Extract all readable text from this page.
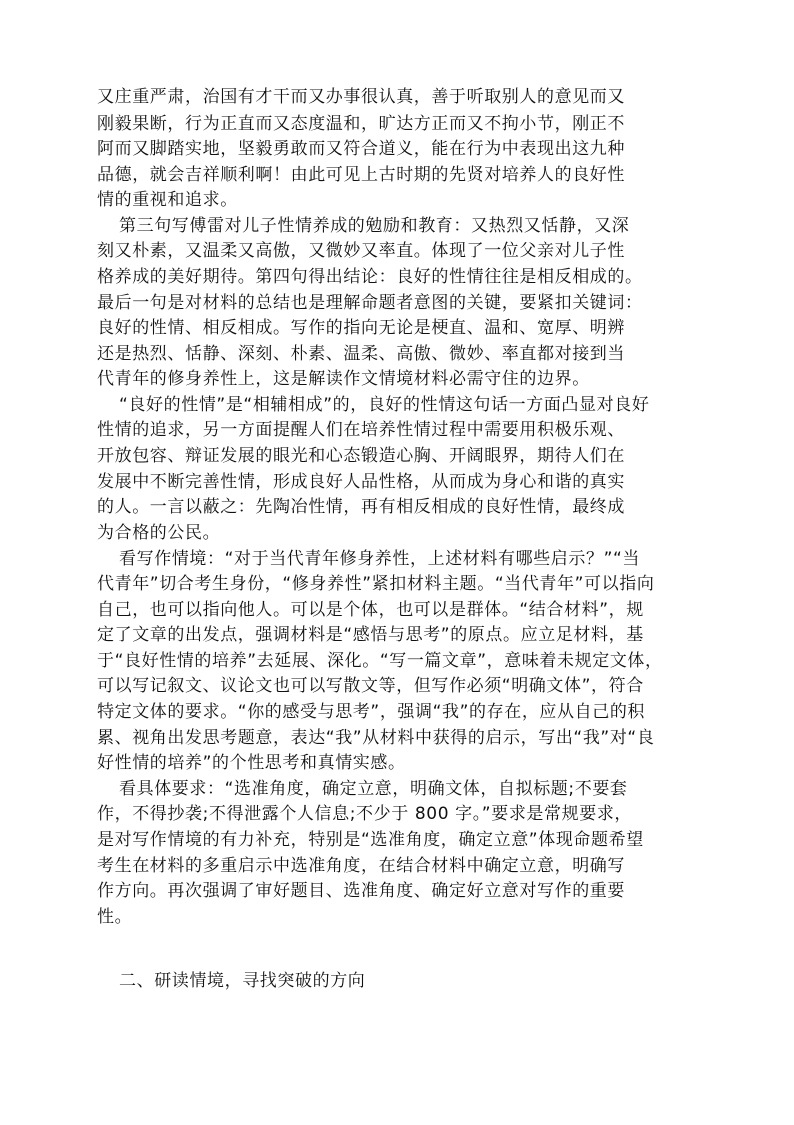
又庄重严肃，治国有才干而又办事很认真，善于听取别人的意见而又
刚毅果断，行为正直而又态度温和，旷达方正而又不拘小节，刚正不
阿而又脚踏实地，坚毅勇敢而又符合道义，能在行为中表现出这九种
品德，就会吉祥顺利啊！由此可见上古时期的先贤对培养人的良好性
情的重视和追求。
第三句写傅雷对儿子性情养成的勉励和教育：又热烈又恬静，又深
刻又朴素，又温柔又高傲，又微妙又率直。体现了一位父亲对儿子性
格养成的美好期待。第四句得出结论：良好的性情往往是相反相成的。
最后一句是对材料的总结也是理解命题者意图的关键，要紧扣关键词：
良好的性情、相反相成。写作的指向无论是梗直、温和、宽厚、明辨
还是热烈、恬静、深刻、朴素、温柔、高傲、微妙、率直都对接到当
代青年的修身养性上，这是解读作文情境材料必需守住的边界。
“良好的性情”是“相辅相成”的，良好的性情这句话一方面凸显对良好
性情的追求，另一方面提醒人们在培养性情过程中需要用积极乐观、
开放包容、辩证发展的眼光和心态锻造心胸、开阔眼界，期待人们在
发展中不断完善性情，形成良好人品性格，从而成为身心和谐的真实
的人。一言以蔽之：先陶冶性情，再有相反相成的良好性情，最终成
为合格的公民。
看写作情境：“对于当代青年修身养性，上述材料有哪些启示？”“当
代青年”切合考生身份，“修身养性”紧扣材料主题。“当代青年”可以指向
自己，也可以指向他人。可以是个体，也可以是群体。“结合材料”，规
定了文章的出发点，强调材料是“感悟与思考”的原点。应立足材料，基
于“良好性情的培养”去延展、深化。“写一篇文章”，意味着未规定文体，
可以写记叙文、议论文也可以写散文等，但写作必须“明确文体”，符合
特定文体的要求。“你的感受与思考”，强调“我”的存在，应从自己的积
累、视角出发思考题意，表达“我”从材料中获得的启示，写出“我”对“良
好性情的培养”的个性思考和真情实感。
看具体要求：“选准角度，确定立意，明确文体，自拟标题;不要套
作，不得抄袭;不得泄露个人信息;不少于 800 字。”要求是常规要求，
是对写作情境的有力补充，特别是“选准角度，确定立意”体现命题希望
考生在材料的多重启示中选准角度，在结合材料中确定立意，明确写
作方向。再次强调了审好题目、选准角度、确定好立意对写作的重要
性。
二、研读情境，寻找突破的方向
